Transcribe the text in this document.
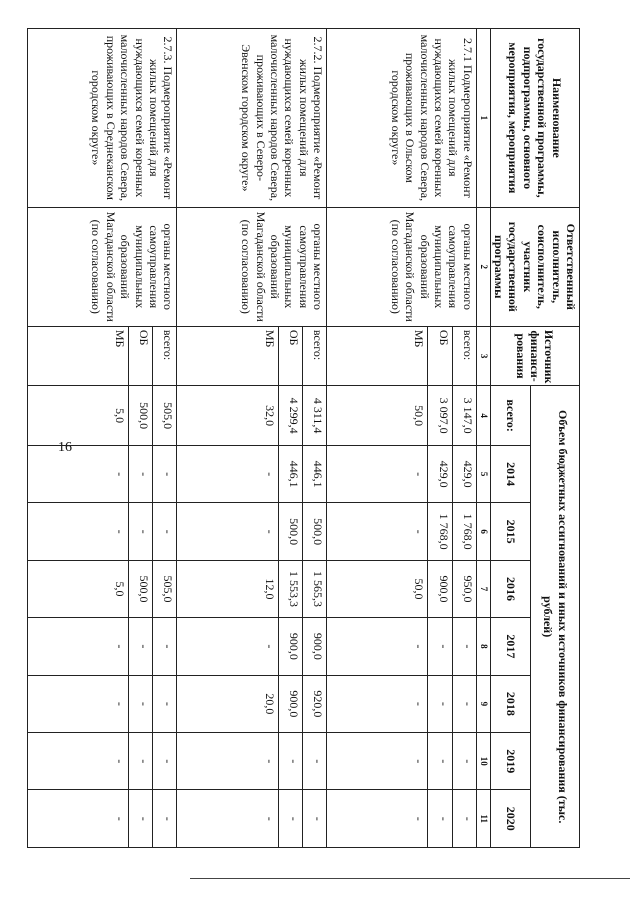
16
Наименование государственной программы, подпрограммы, основного мероприятия, мероприятия	Ответственный исполнитель, соисполнитель, участник государственной программы	Источник финанси-рования	Объем бюджетных ассигнований и иных источников финансирования (тыс. рублей)							
			всего:	2014	2015	2016	2017	2018	2019	2020
1	2	3	4	5	6	7	8	9	10	11
2.7.1 Подмероприятие «Ремонт жилых помещений для нуждающихся семей коренных малочисленных народов Севера, проживающих в Ольском городском округе»	органы местного самоуправления муниципальных образований Магаданской области (по согласованию)	всего:	3 147,0	429,0	1 768,0	950,0	-	-	-	-
		ОБ	3 097,0	429,0	1 768,0	900,0	-	-	-	-
		МБ	50,0	-	-	50,0	-	-	-	-
2.7.2. Подмероприятие «Ремонт жилых помещений для нуждающихся семей коренных малочисленных народов Севера, проживающих в Северо-Эвенском городском округе»	органы местного самоуправления муниципальных образований Магаданской области (по согласованию)	всего:	4 311,4	446,1	500,0	1 565,3	900,0	920,0	-	-
		ОБ	4 299,4	446,1	500,0	1 553,3	900,0	900,0	-	-
		МБ	32,0	-	-	12,0	-	20,0	-	-
2.7.3. Подмероприятие «Ремонт жилых помещений для нуждающихся семей коренных малочисленных народов Севера, проживающих в Среднеканском городском округе»	органы местного самоуправления муниципальных образований Магаданской области (по согласованию)	всего:	505,0	-	-	505,0	-	-	-	-
		ОБ	500,0	-	-	500,0	-	-	-	-
		МБ	5,0	-	-	5,0	-	-	-	-
